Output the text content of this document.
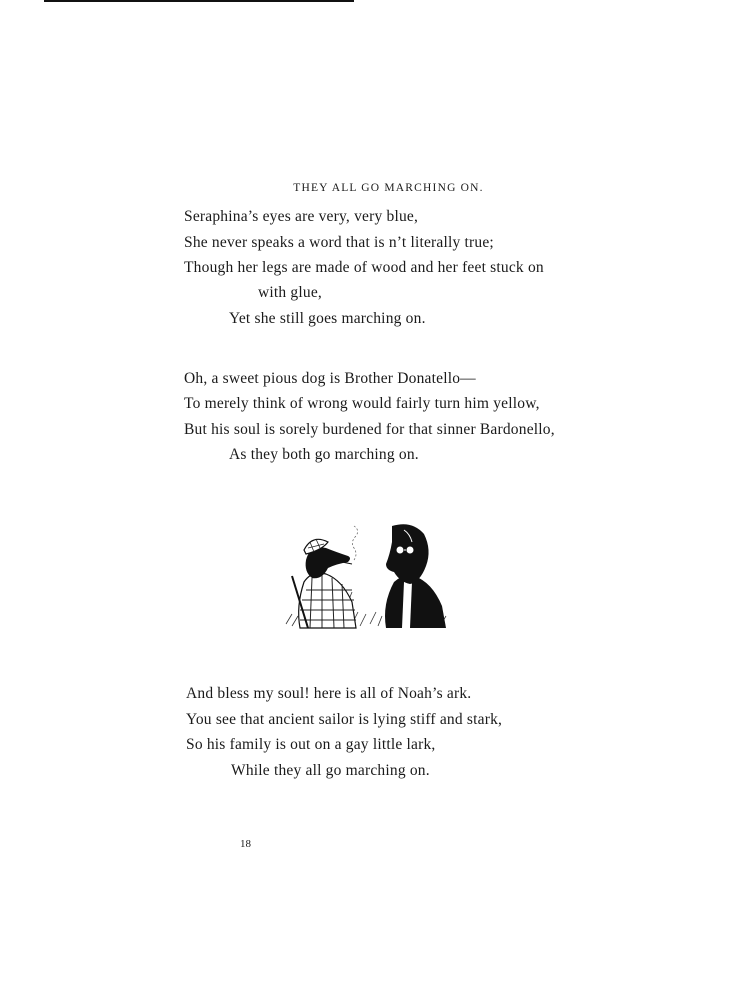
THEY ALL GO MARCHING ON.
Seraphina’s eyes are very, very blue,
She never speaks a word that is n’t literally true;
Though her legs are made of wood and her feet stuck on
with glue,
Yet she still goes marching on.
Oh, a sweet pious dog is Brother Donatello—
To merely think of wrong would fairly turn him yellow,
But his soul is sorely burdened for that sinner Bardonello,
As they both go marching on.
And bless my soul! here is all of Noah’s ark.
You see that ancient sailor is lying stiff and stark,
So his family is out on a gay little lark,
While they all go marching on.
18
